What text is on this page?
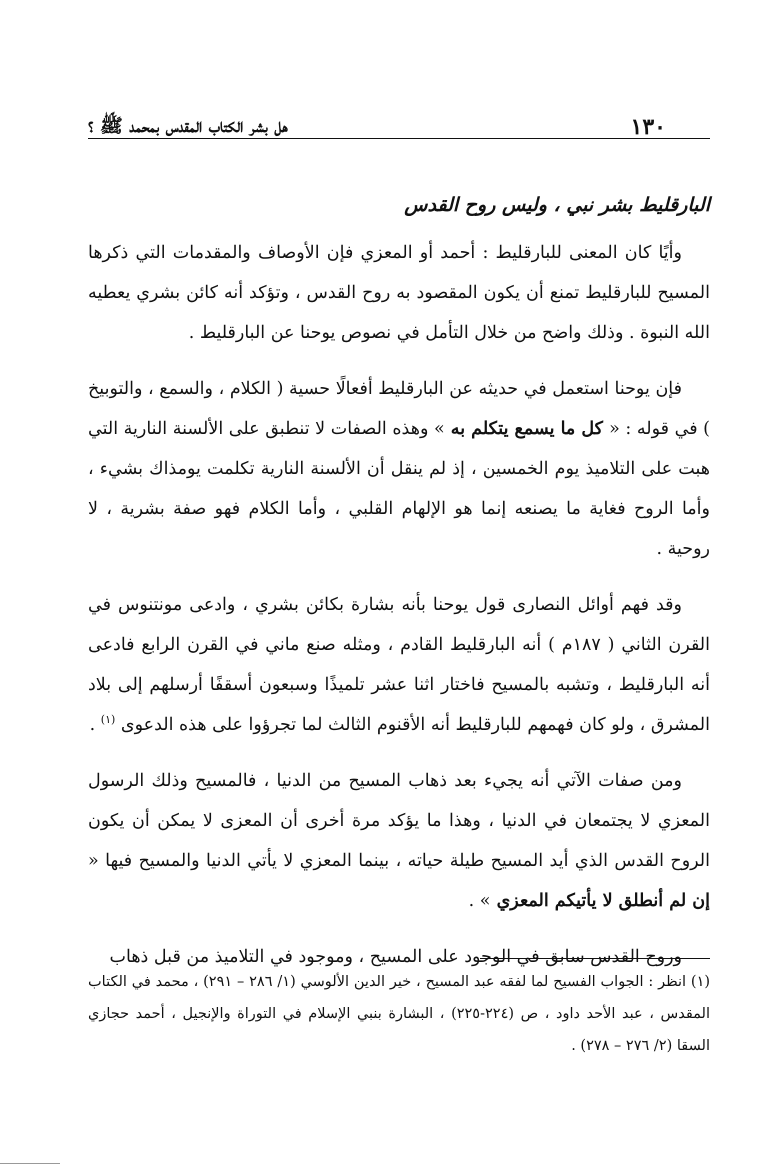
١٣٠
هل بشر الكتاب المقدس بمحمد ﷺ ؟
البارقليط بشر نبي ، وليس روح القدس

وأيًا كان المعنى للبارقليط : أحمد أو المعزي فإن الأوصاف والمقدمات التي ذكرها المسيح للبارقليط تمنع أن يكون المقصود به روح القدس ، وتؤكد أنه كائن بشري يعطيه الله النبوة . وذلك واضح من خلال التأمل في نصوص يوحنا عن البارقليط .

فإن يوحنا استعمل في حديثه عن البارقليط أفعالًا حسية ( الكلام ، والسمع ، والتوبيخ ) في قوله : « كل ما يسمع يتكلم به » وهذه الصفات لا تنطبق على الألسنة النارية التي هبت على التلاميذ يوم الخمسين ، إذ لم ينقل أن الألسنة النارية تكلمت يومذاك بشيء ، وأما الروح فغاية ما يصنعه إنما هو الإلهام القلبي ، وأما الكلام فهو صفة بشرية ، لا روحية .

وقد فهم أوائل النصارى قول يوحنا بأنه بشارة بكائن بشري ، وادعى مونتنوس في القرن الثاني ( ١٨٧م ) أنه البارقليط القادم ، ومثله صنع ماني في القرن الرابع فادعى أنه البارقليط ، وتشبه بالمسيح فاختار اثنا عشر تلميذًا وسبعون أسقفًا أرسلهم إلى بلاد المشرق ، ولو كان فهمهم للبارقليط أنه الأقنوم الثالث لما تجرؤوا على هذه الدعوى $^{(١)}$ .

ومن صفات الآتي أنه يجيء بعد ذهاب المسيح من الدنيا ، فالمسيح وذلك الرسول المعزي لا يجتمعان في الدنيا ، وهذا ما يؤكد مرة أخرى أن المعزى لا يمكن أن يكون الروح القدس الذي أيد المسيح طيلة حياته ، بينما المعزي لا يأتي الدنيا والمسيح فيها « إن لم أنطلق لا يأتيكم المعزي » .

وروح القدس سابق في الوجود على المسيح ، وموجود في التلاميذ من قبل ذهاب

(١) انظر : الجواب الفسيح لما لفقه عبد المسيح ، خير الدين الألوسي (١/ ٢٨٦ – ٢٩١) ، محمد في الكتاب المقدس ، عبد الأحد داود ، ص (٢٢٤-٢٢٥) ، البشارة بنبي الإسلام في التوراة والإنجيل ، أحمد حجازي السقا (٢/ ٢٧٦ – ٢٧٨) .
